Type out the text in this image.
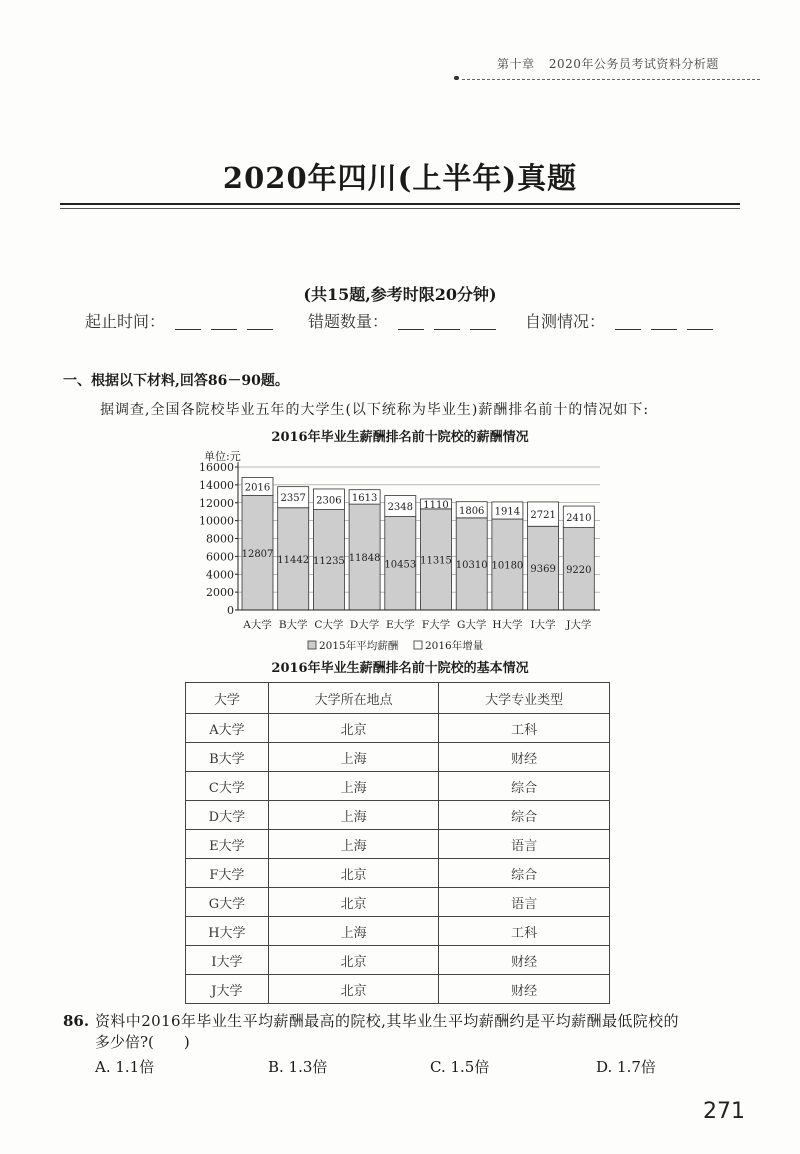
第十章 2020年公务员考试资料分析题
2020年四川(上半年)真题
(共15题,参考时限20分钟)
起止时间：	错题数量：	自测情况：
一、根据以下材料,回答86－90题。
据调查,全国各院校毕业五年的大学生(以下统称为毕业生)薪酬排名前十的情况如下:
2016年毕业生薪酬排名前十院校的薪酬情况
单位:元
0
2000
4000
6000
8000
10000
12000
14000
16000
12807
2016
A大学
11442
2357
B大学
11235
2306
C大学
11848
1613
D大学
10453
2348
E大学
11315
1110
F大学
10310
1806
G大学
10180
1914
H大学
9369
2721
I大学
9220
2410
J大学
2015年平均薪酬	2016年增量
2016年毕业生薪酬排名前十院校的基本情况
大学	大学所在地点	大学专业类型
A大学	北京	工科
B大学	上海	财经
C大学	上海	综合
D大学	上海	综合
E大学	上海	语言
F大学	北京	综合
G大学	北京	语言
H大学	上海	工科
I大学	北京	财经
J大学	北京	财经
86. 资料中2016年毕业生平均薪酬最高的院校,其毕业生平均薪酬约是平均薪酬最低院校的
多少倍?(　　)
A. 1.1倍	B. 1.3倍	C. 1.5倍	D. 1.7倍
271
